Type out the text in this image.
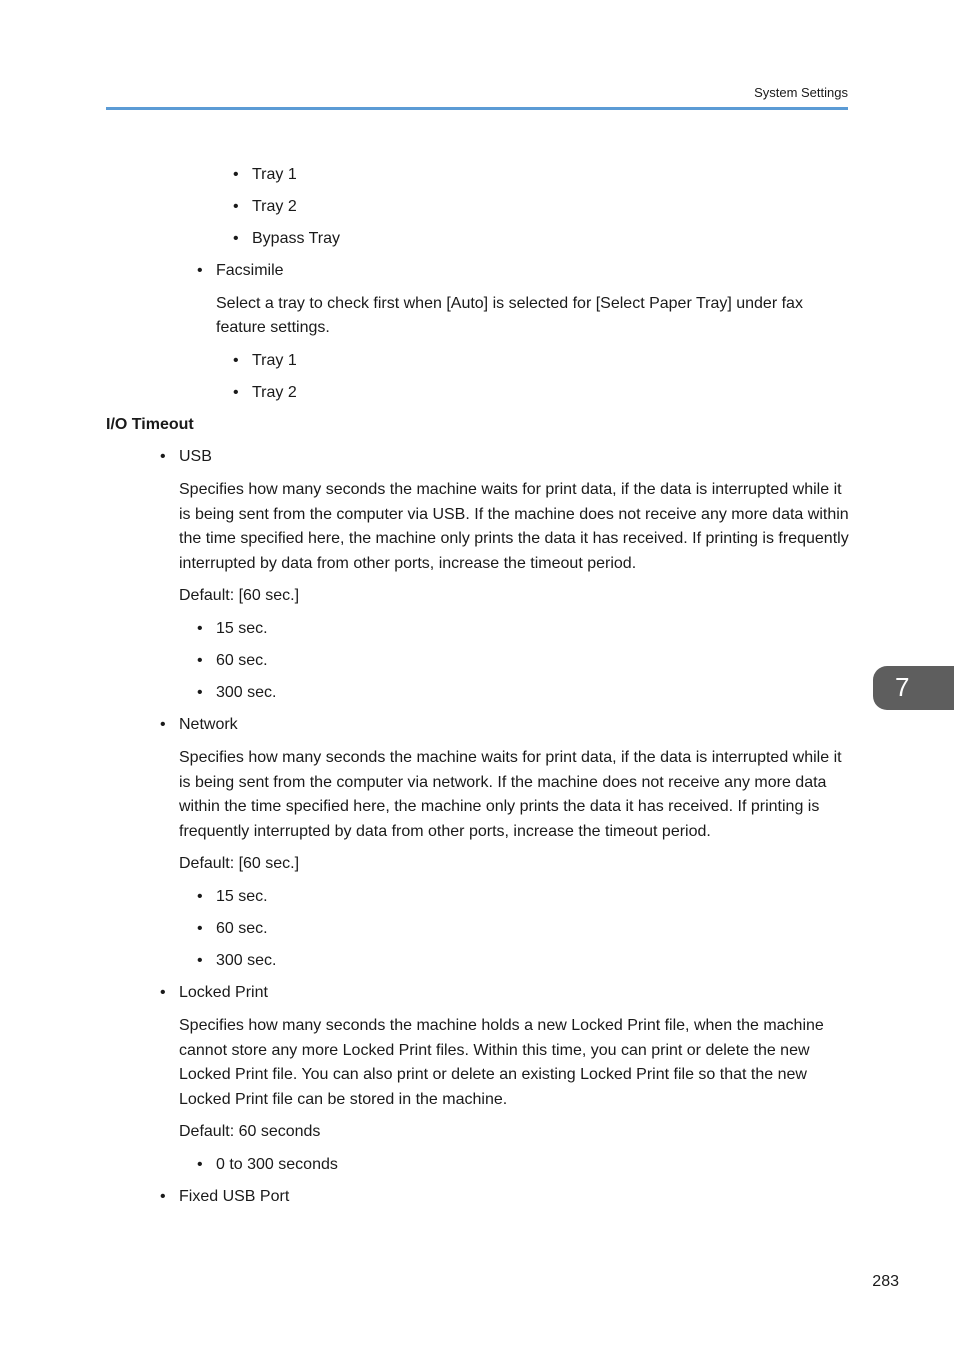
System Settings
• Tray 1
• Tray 2
• Bypass Tray
• Facsimile
Select a tray to check first when [Auto] is selected for [Select Paper Tray] under fax
feature settings.
• Tray 1
• Tray 2
I/O Timeout
• USB
Specifies how many seconds the machine waits for print data, if the data is interrupted while it
is being sent from the computer via USB. If the machine does not receive any more data within
the time specified here, the machine only prints the data it has received. If printing is frequently
interrupted by data from other ports, increase the timeout period.
Default: [60 sec.]
• 15 sec.
• 60 sec.
• 300 sec.
• Network
Specifies how many seconds the machine waits for print data, if the data is interrupted while it
is being sent from the computer via network. If the machine does not receive any more data
within the time specified here, the machine only prints the data it has received. If printing is
frequently interrupted by data from other ports, increase the timeout period.
Default: [60 sec.]
• 15 sec.
• 60 sec.
• 300 sec.
• Locked Print
Specifies how many seconds the machine holds a new Locked Print file, when the machine
cannot store any more Locked Print files. Within this time, you can print or delete the new
Locked Print file. You can also print or delete an existing Locked Print file so that the new
Locked Print file can be stored in the machine.
Default: 60 seconds
• 0 to 300 seconds
• Fixed USB Port
7
283
